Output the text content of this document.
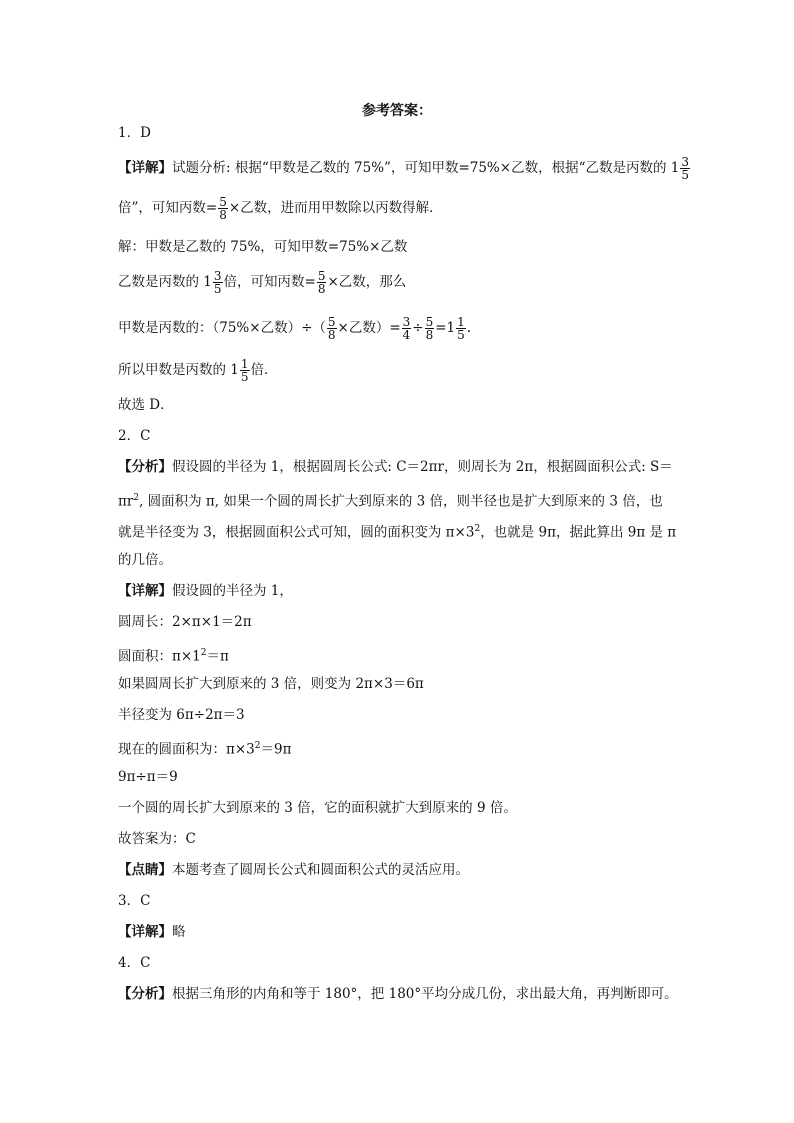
参考答案：
1．D
【详解】试题分析: 根据“甲数是乙数的 75%”，可知甲数=75%×乙数，根据“乙数是丙数的 $1 \frac{3}{5}$
倍”，可知丙数= $\frac{5}{8}$ ×乙数，进而用甲数除以丙数得解．
解：甲数是乙数的 75%，可知甲数=75%×乙数
乙数是丙数的 $1 \frac{3}{5}$ 倍，可知丙数= $\frac{5}{8}$ ×乙数，那么
甲数是丙数的：（75%×乙数）÷（ $\frac{5}{8}$ ×乙数）= $\frac{3}{4} \div \frac{5}{8} =1 \frac{1}{5}$ .
所以甲数是丙数的 $1 \frac{1}{5}$ 倍．
故选 D．
2．C
【分析】假设圆的半径为 1，根据圆周长公式: C＝2πr，则周长为 2π，根据圆面积公式: S＝
$\pi r^2$, 圆面积为 π, 如果一个圆的周长扩大到原来的 3 倍，则半径也是扩大到原来的 3 倍，也
就是半径变为 3，根据圆面积公式可知，圆的面积变为 $\pi\times 3^2$，也就是 9π，据此算出 9π 是 π
的几倍。
【详解】假设圆的半径为 1，
圆周长：2×π×1＝2π
圆面积：$\pi\times 1^2=\pi$
如果圆周长扩大到原来的 3 倍，则变为 2π×3＝6π
半径变为 6π÷2π＝3
现在的圆面积为：$\pi\times 3^2=9\pi$
9π÷π＝9
一个圆的周长扩大到原来的 3 倍，它的面积就扩大到原来的 9 倍。
故答案为：C
【点睛】本题考查了圆周长公式和圆面积公式的灵活应用。
3．C
【详解】略
4．C
【分析】根据三角形的内角和等于 180°，把 180°平均分成几份，求出最大角，再判断即可。
